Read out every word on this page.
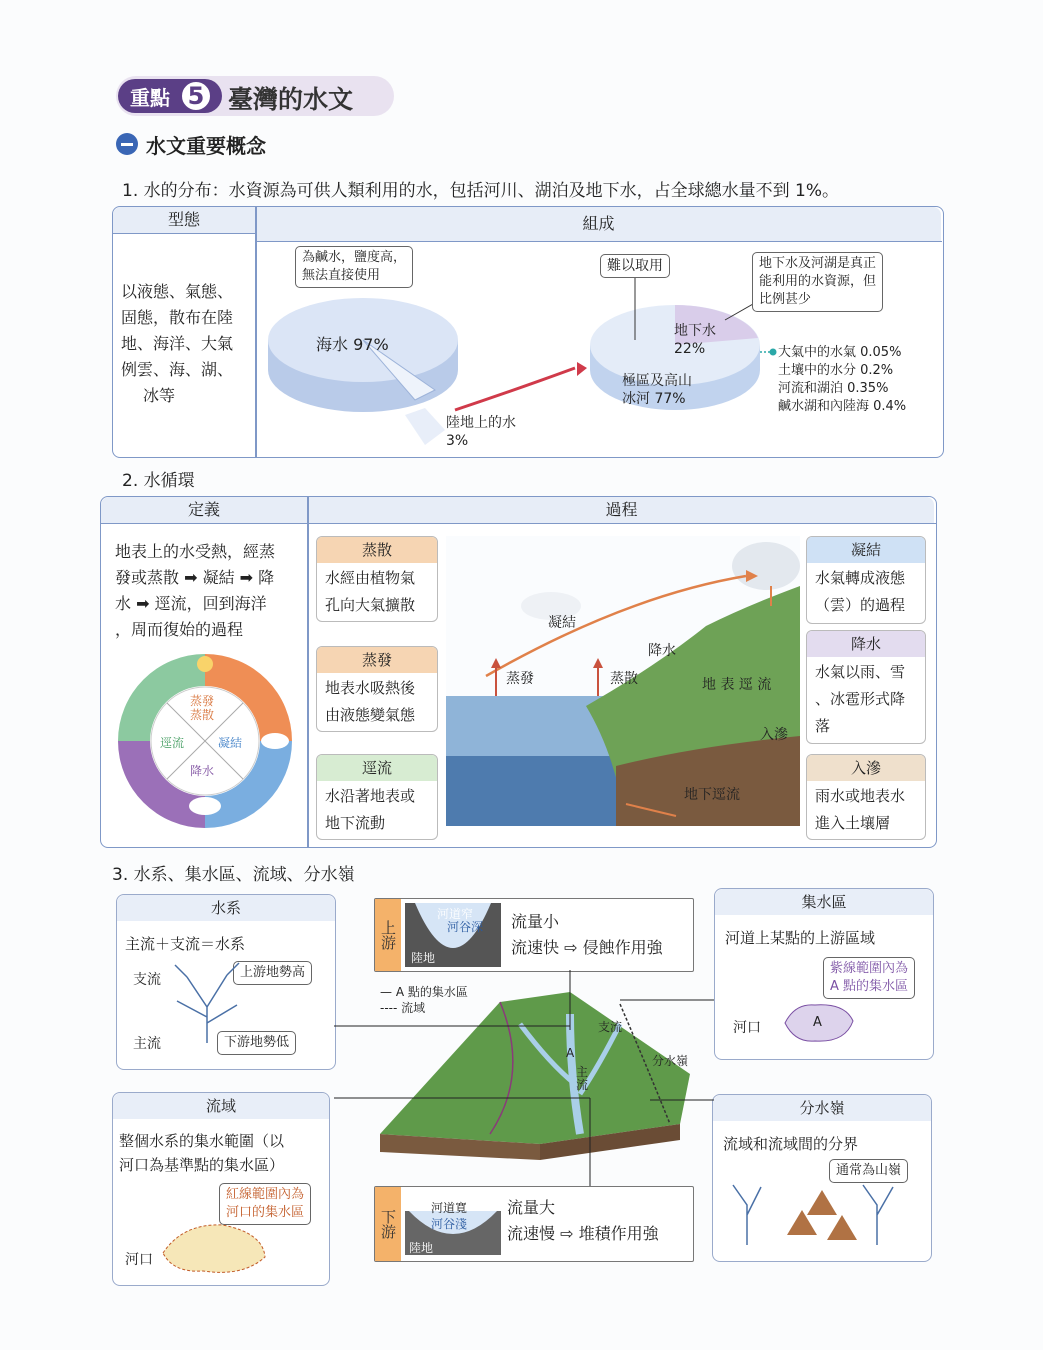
重點 5 臺灣的水文
水文重要概念
1. 水的分布：水資源為可供人類利用的水，包括河川、湖泊及地下水，占全球總水量不到 1%。
型態	組成
以液態、氣態、
固態，散布在陸
地、海洋、大氣
例雲、海、湖、
冰等
為鹹水，鹽度高，
無法直接使用
海水 97%
陸地上的水
3%
難以取用	地下水及河湖是真正
能利用的水資源，但
比例甚少
地下水
22%
極區及高山
冰河 77%
大氣中的水氣 0.05%
土壤中的水分 0.2%
河流和湖泊 0.35%
鹹水湖和內陸海 0.4%
2. 水循環
定義	過程
地表上的水受熱，經蒸
發或蒸散 ➡ 凝結 ➡ 降
水 ➡ 逕流，回到海洋
，周而復始的過程
蒸發
蒸散
凝結
降水
逕流
蒸散
水經由植物氣
孔向大氣擴散
蒸發
地表水吸熱後
由液態變氣態
逕流
水沿著地表或
地下流動
凝結
水氣轉成液態
（雲）的過程
降水
水氣以雨、雪
、冰雹形式降
落
入滲
雨水或地表水
進入土壤層
凝結
降水
蒸發	蒸散	地 表 逕 流
入滲
地下逕流
3. 水系、集水區、流域、分水嶺
水系
主流＋支流＝水系
支流
主流
上游地勢高
下游地勢低
流域
整個水系的集水範圍（以
河口為基準點的集水區）
紅線範圍內為
河口的集水區
河口
集水區
河道上某點的上游區域
紫線範圍內為
A 點的集水區
河口	A
分水嶺
流域和流域間的分界
通常為山嶺
上游
河道窄
河谷深
陸地
流量小
流速快 ⇨ 侵蝕作用強
— A 點的集水區
---- 流域
A
主流
支流
分水嶺
下游
河道寬
河谷淺
陸地
流量大
流速慢 ⇨ 堆積作用強
